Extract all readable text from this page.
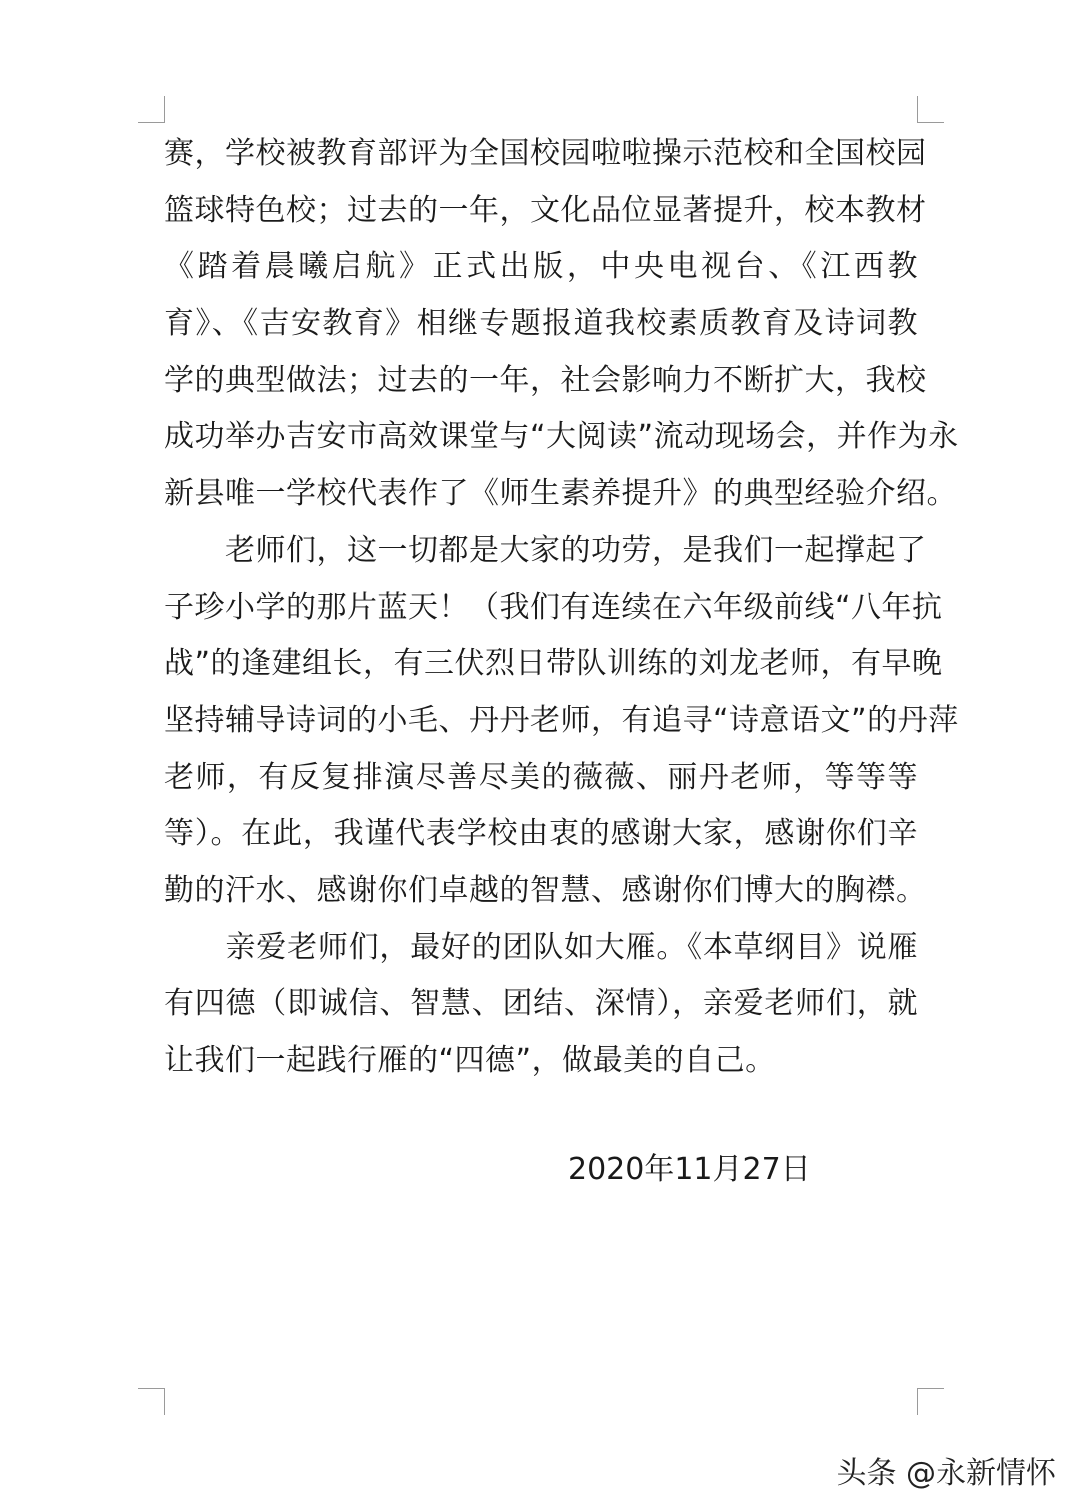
赛，学校被教育部评为全国校园啦啦操示范校和全国校园
篮球特色校；过去的一年，文化品位显著提升，校本教材
《踏着晨曦启航》正式出版，中央电视台、《江西教
育》、《吉安教育》相继专题报道我校素质教育及诗词教
学的典型做法；过去的一年，社会影响力不断扩大，我校
成功举办吉安市高效课堂与“大阅读”流动现场会，并作为永
新县唯一学校代表作了《师生素养提升》的典型经验介绍。
　　老师们，这一切都是大家的功劳，是我们一起撑起了
子珍小学的那片蓝天！（我们有连续在六年级前线“八年抗
战”的逢建组长，有三伏烈日带队训练的刘龙老师，有早晚
坚持辅导诗词的小毛、丹丹老师，有追寻“诗意语文”的丹萍
老师，有反复排演尽善尽美的薇薇、丽丹老师，等等等
等）。在此，我谨代表学校由衷的感谢大家，感谢你们辛
勤的汗水、感谢你们卓越的智慧、感谢你们博大的胸襟。
　　亲爱老师们，最好的团队如大雁。《本草纲目》说雁
有四德（即诚信、智慧、团结、深情），亲爱老师们，就
让我们一起践行雁的“四德”，做最美的自己。
2020年11月27日
头条 @永新情怀
